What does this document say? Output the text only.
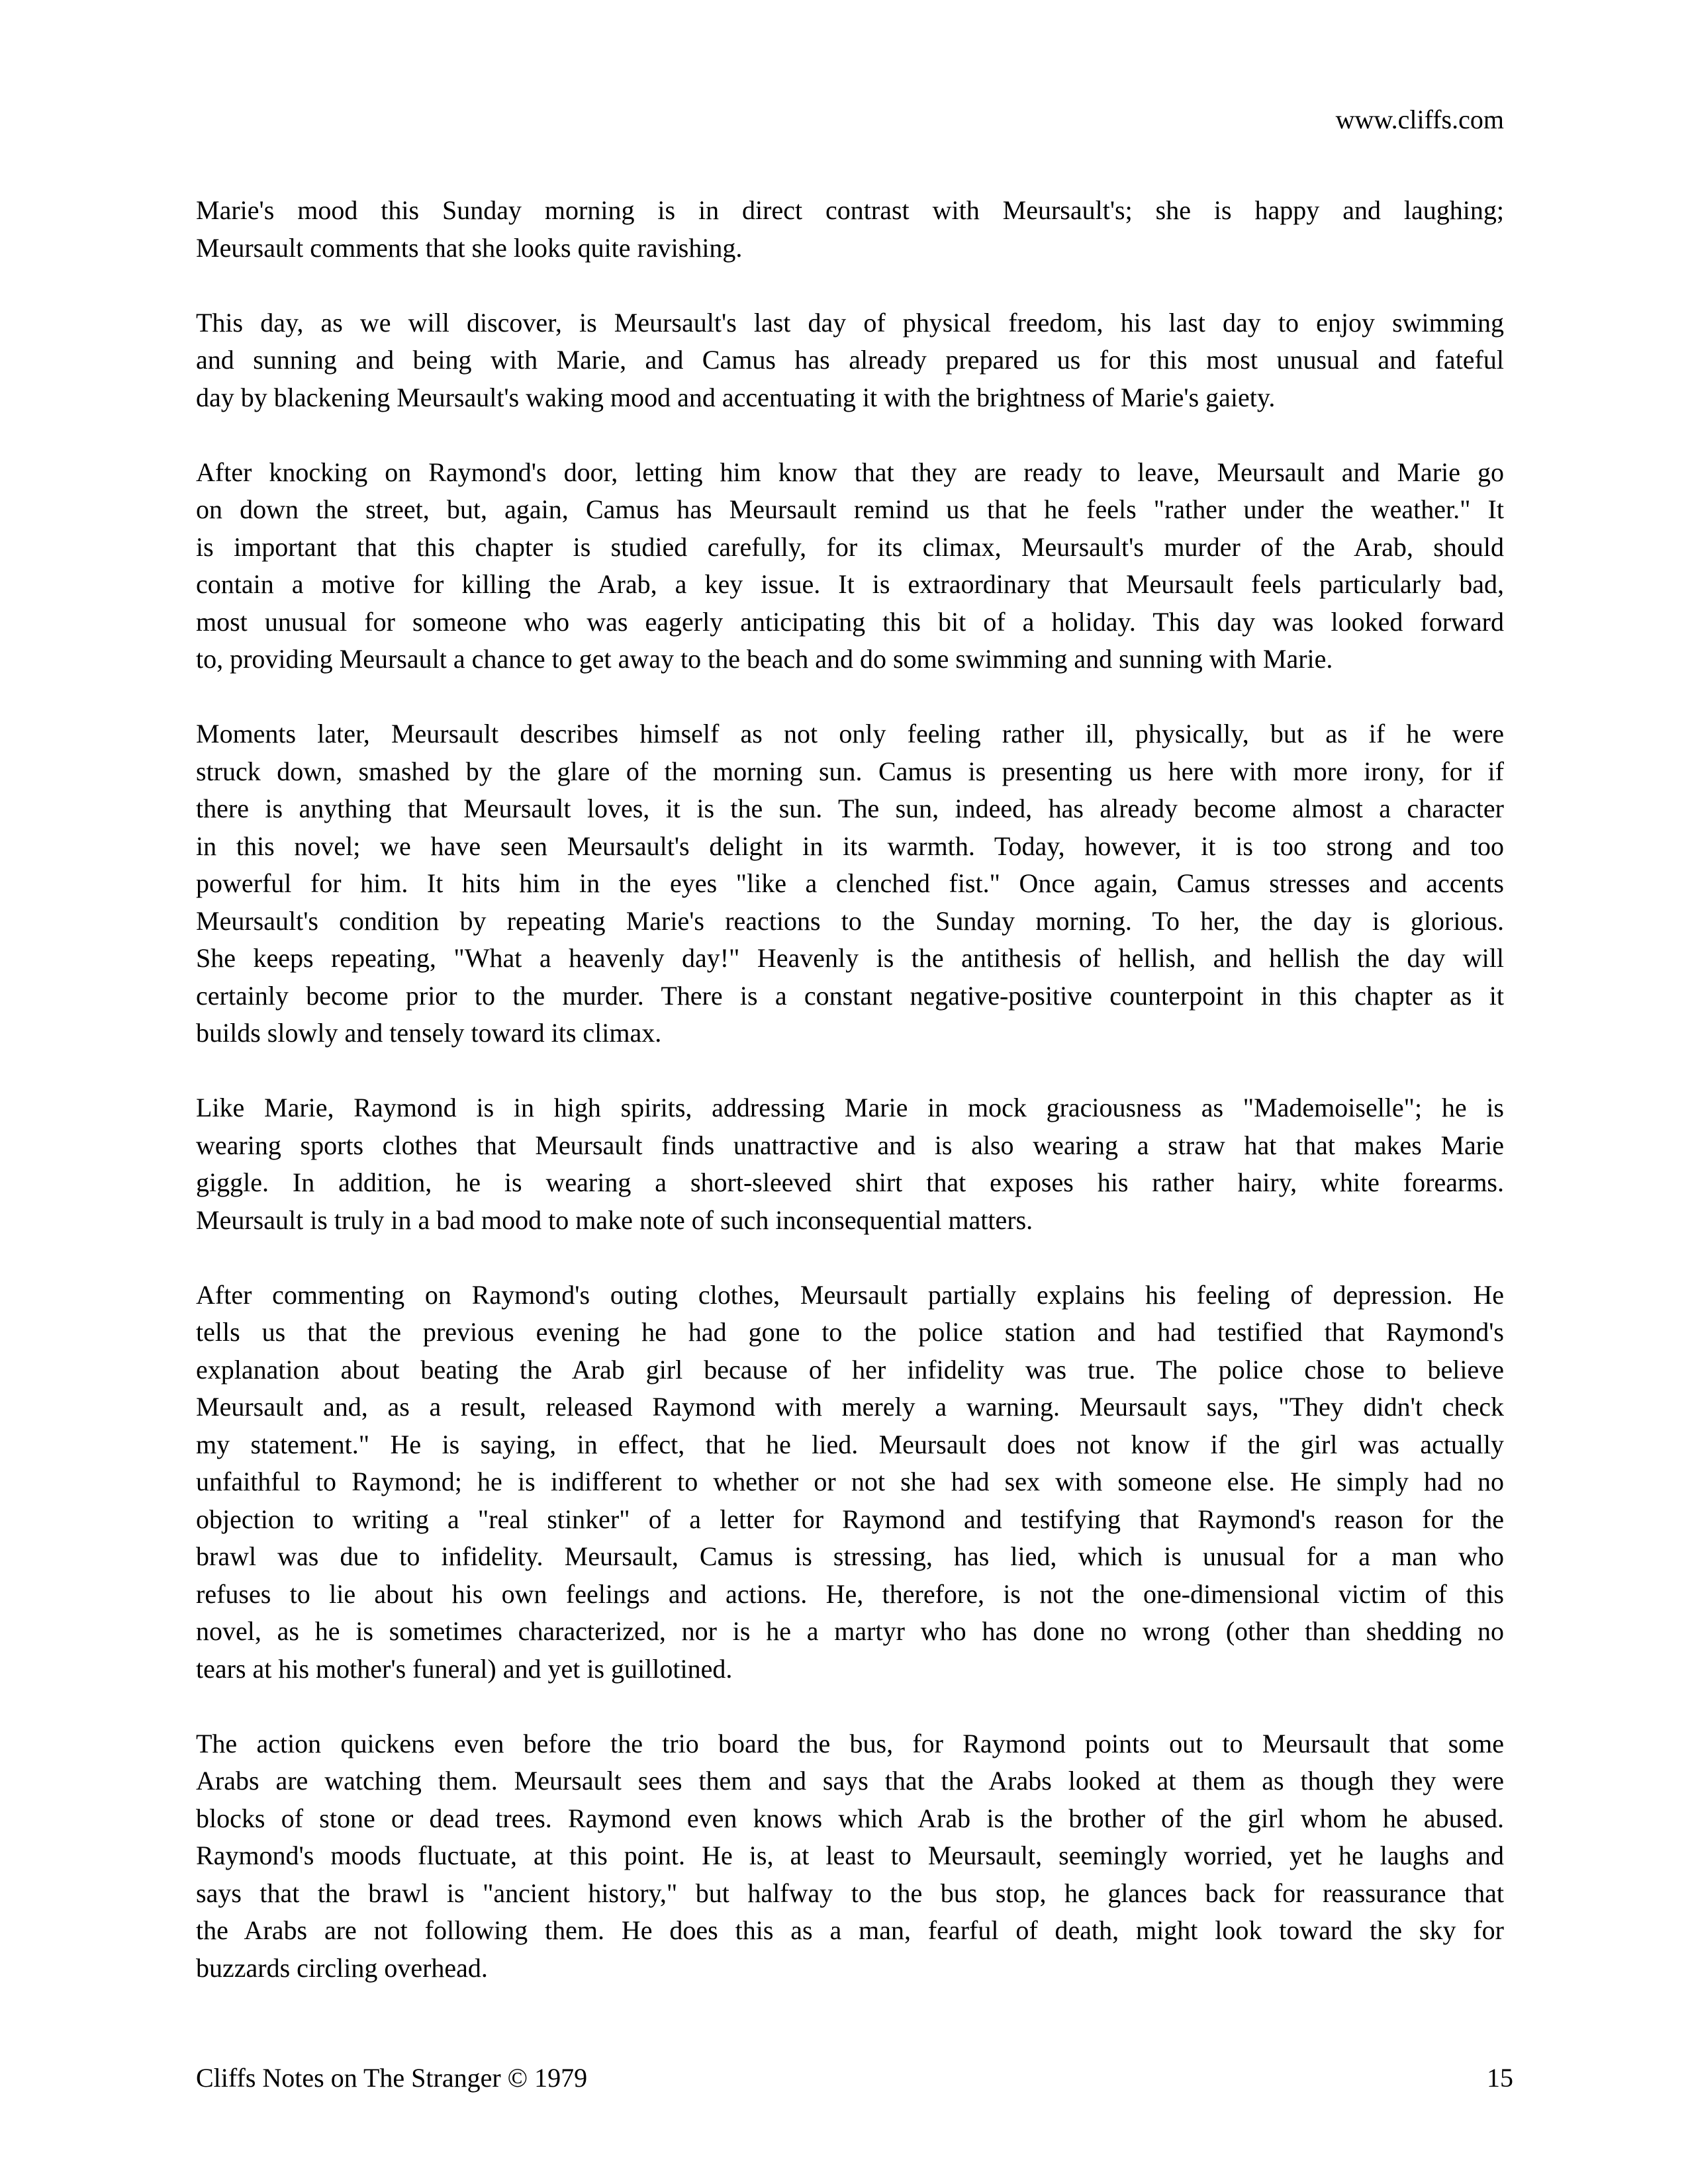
www.cliffs.com
Marie's mood this Sunday morning is in direct contrast with Meursault's; she is happy and laughing;
Meursault comments that she looks quite ravishing.
This day, as we will discover, is Meursault's last day of physical freedom, his last day to enjoy swimming
and sunning and being with Marie, and Camus has already prepared us for this most unusual and fateful
day by blackening Meursault's waking mood and accentuating it with the brightness of Marie's gaiety.
After knocking on Raymond's door, letting him know that they are ready to leave, Meursault and Marie go
on down the street, but, again, Camus has Meursault remind us that he feels "rather under the weather." It
is important that this chapter is studied carefully, for its climax, Meursault's murder of the Arab, should
contain a motive for killing the Arab, a key issue. It is extraordinary that Meursault feels particularly bad,
most unusual for someone who was eagerly anticipating this bit of a holiday. This day was looked forward
to, providing Meursault a chance to get away to the beach and do some swimming and sunning with Marie.
Moments later, Meursault describes himself as not only feeling rather ill, physically, but as if he were
struck down, smashed by the glare of the morning sun. Camus is presenting us here with more irony, for if
there is anything that Meursault loves, it is the sun. The sun, indeed, has already become almost a character
in this novel; we have seen Meursault's delight in its warmth. Today, however, it is too strong and too
powerful for him. It hits him in the eyes "like a clenched fist." Once again, Camus stresses and accents
Meursault's condition by repeating Marie's reactions to the Sunday morning. To her, the day is glorious.
She keeps repeating, "What a heavenly day!" Heavenly is the antithesis of hellish, and hellish the day will
certainly become prior to the murder. There is a constant negative-positive counterpoint in this chapter as it
builds slowly and tensely toward its climax.
Like Marie, Raymond is in high spirits, addressing Marie in mock graciousness as "Mademoiselle"; he is
wearing sports clothes that Meursault finds unattractive and is also wearing a straw hat that makes Marie
giggle. In addition, he is wearing a short-sleeved shirt that exposes his rather hairy, white forearms.
Meursault is truly in a bad mood to make note of such inconsequential matters.
After commenting on Raymond's outing clothes, Meursault partially explains his feeling of depression. He
tells us that the previous evening he had gone to the police station and had testified that Raymond's
explanation about beating the Arab girl because of her infidelity was true. The police chose to believe
Meursault and, as a result, released Raymond with merely a warning. Meursault says, "They didn't check
my statement." He is saying, in effect, that he lied. Meursault does not know if the girl was actually
unfaithful to Raymond; he is indifferent to whether or not she had sex with someone else. He simply had no
objection to writing a "real stinker" of a letter for Raymond and testifying that Raymond's reason for the
brawl was due to infidelity. Meursault, Camus is stressing, has lied, which is unusual for a man who
refuses to lie about his own feelings and actions. He, therefore, is not the one-dimensional victim of this
novel, as he is sometimes characterized, nor is he a martyr who has done no wrong (other than shedding no
tears at his mother's funeral) and yet is guillotined.
The action quickens even before the trio board the bus, for Raymond points out to Meursault that some
Arabs are watching them. Meursault sees them and says that the Arabs looked at them as though they were
blocks of stone or dead trees. Raymond even knows which Arab is the brother of the girl whom he abused.
Raymond's moods fluctuate, at this point. He is, at least to Meursault, seemingly worried, yet he laughs and
says that the brawl is "ancient history," but halfway to the bus stop, he glances back for reassurance that
the Arabs are not following them. He does this as a man, fearful of death, might look toward the sky for
buzzards circling overhead.
Cliffs Notes on The Stranger © 1979	15
